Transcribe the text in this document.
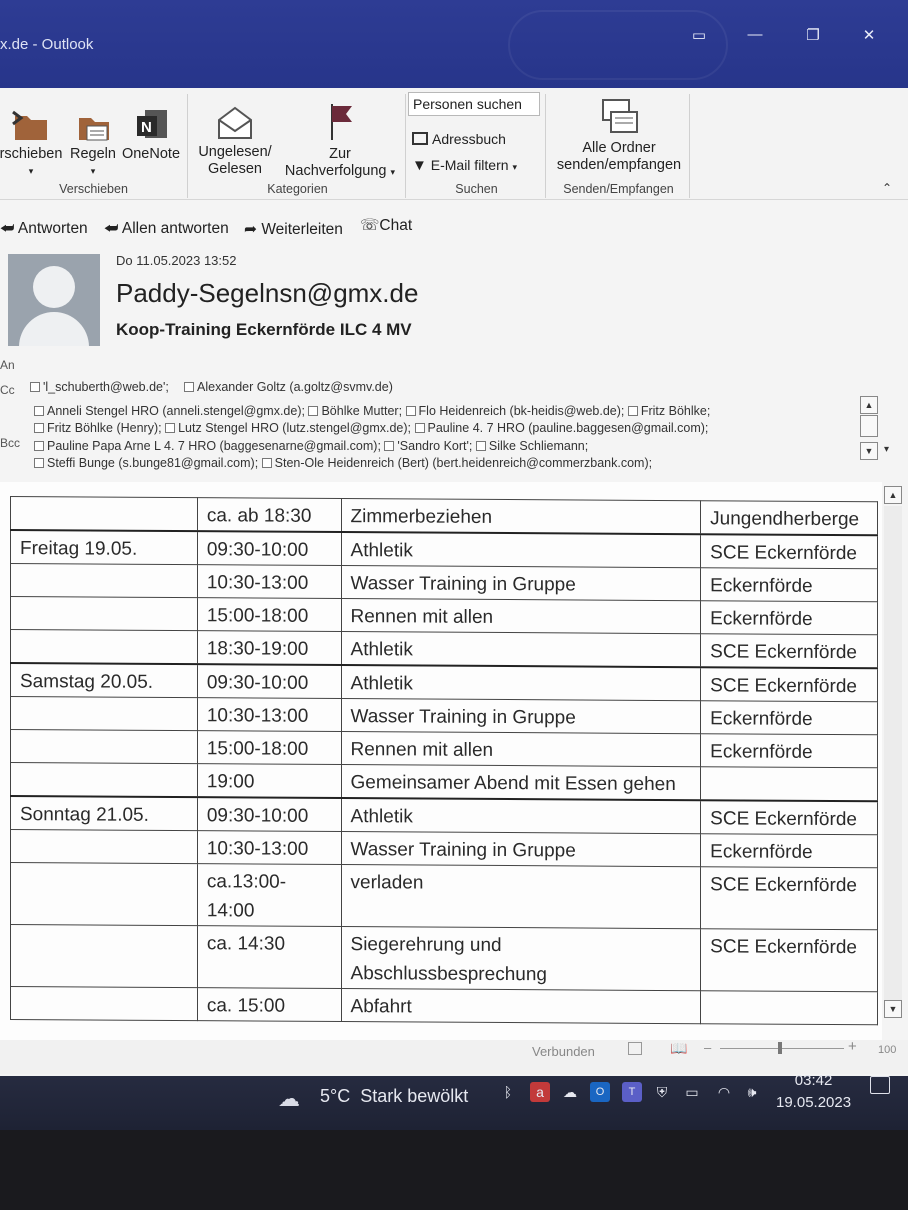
x.de - Outlook
▭	—	❐	✕
rschieben
▾
Regeln
▾
N
OneNote
Verschieben
Ungelesen/
Gelesen
Zur
Nachverfolgung ▾
Kategorien
Adressbuch
▼ E-Mail filtern ▾
Suchen
Alle Ordner
senden/empfangen
Senden/Empfangen	⌃
Personen suchen
⮨ Antworten ⮨ Allen antworten ➦ Weiterleiten ☏Chat
Do 11.05.2023 13:52
Paddy-Segelnsn@gmx.de
Koop-Training Eckernförde ILC 4 MV
An
Cc	'l_schuberth@web.de';	Alexander Goltz (a.goltz@svmv.de)
Bcc
Anneli Stengel HRO (anneli.stengel@gmx.de); Böhlke Mutter; Flo Heidenreich (bk-heidis@web.de); Fritz Böhlke;
Fritz Böhlke (Henry); Lutz Stengel HRO (lutz.stengel@gmx.de); Pauline 4. 7 HRO (pauline.baggesen@gmail.com);
Pauline Papa Arne L 4. 7 HRO (baggesenarne@gmail.com); 'Sandro Kort'; Silke Schliemann;
Steffi Bunge (s.bunge81@gmail.com); Sten-Ole Heidenreich (Bert) (bert.heidenreich@commerzbank.com);
▲
▼	▾
	ca. ab 18:30	Zimmerbeziehen	Jungendherberge
Freitag 19.05.	09:30-10:00	Athletik	SCE Eckernförde
	10:30-13:00	Wasser Training in Gruppe	Eckernförde
	15:00-18:00	Rennen mit allen	Eckernförde
	18:30-19:00	Athletik	SCE Eckernförde
Samstag 20.05.	09:30-10:00	Athletik	SCE Eckernförde
	10:30-13:00	Wasser Training in Gruppe	Eckernförde
	15:00-18:00	Rennen mit allen	Eckernförde
	19:00	Gemeinsamer Abend mit Essen gehen	
Sonntag 21.05.	09:30-10:00	Athletik	SCE Eckernförde
	10:30-13:00	Wasser Training in Gruppe	Eckernförde
	ca.13:00-14:00	verladen	SCE Eckernförde
	ca. 14:30	Siegerehrung und Abschlussbesprechung	SCE Eckernförde
	ca. 15:00	Abfahrt	
▲
▼
Verbunden	📖 –	+ 100
☁ 5°C Stark bewölkt	ᛒ	a	☁	O	T	⛨	▭ ◠	🕪
03:42
19.05.2023
